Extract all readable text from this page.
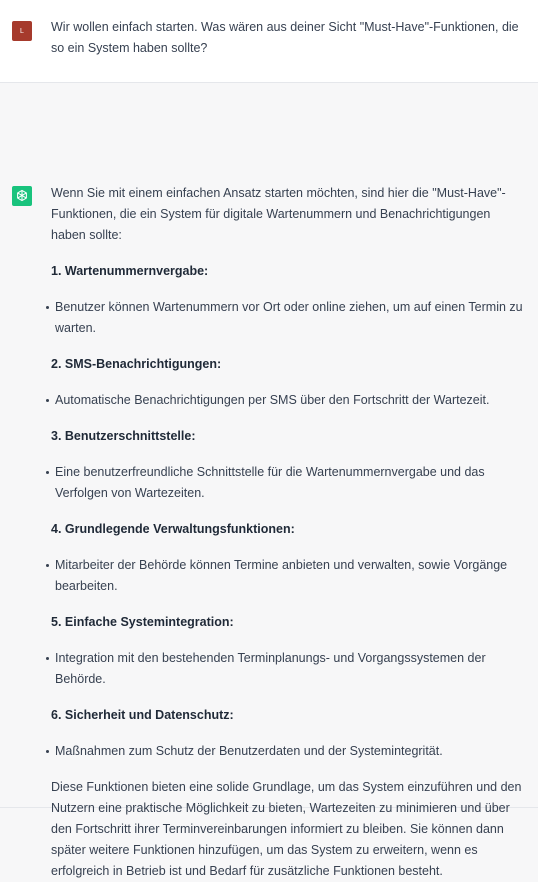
L Wir wollen einfach starten. Was wären aus deiner Sicht "Must-Have"-Funktionen, die so ein System haben sollte?

Wenn Sie mit einem einfachen Ansatz starten möchten, sind hier die "Must-Have"-Funktionen, die ein System für digitale Wartenummern und Benachrichtigungen haben sollte:

1. Wartenummernvergabe:
Benutzer können Wartenummern vor Ort oder online ziehen, um auf einen Termin zu warten.
2. SMS-Benachrichtigungen:
Automatische Benachrichtigungen per SMS über den Fortschritt der Wartezeit.
3. Benutzerschnittstelle:
Eine benutzerfreundliche Schnittstelle für die Wartenummernvergabe und das Verfolgen von Wartezeiten.
4. Grundlegende Verwaltungsfunktionen:
Mitarbeiter der Behörde können Termine anbieten und verwalten, sowie Vorgänge bearbeiten.
5. Einfache Systemintegration:
Integration mit den bestehenden Terminplanungs- und Vorgangssystemen der Behörde.
6. Sicherheit und Datenschutz:
Maßnahmen zum Schutz der Benutzerdaten und der Systemintegrität.

Diese Funktionen bieten eine solide Grundlage, um das System einzuführen und den Nutzern eine praktische Möglichkeit zu bieten, Wartezeiten zu minimieren und über den Fortschritt ihrer Terminvereinbarungen informiert zu bleiben. Sie können dann später weitere Funktionen hinzufügen, um das System zu erweitern, wenn es erfolgreich in Betrieb ist und Bedarf für zusätzliche Funktionen besteht.
